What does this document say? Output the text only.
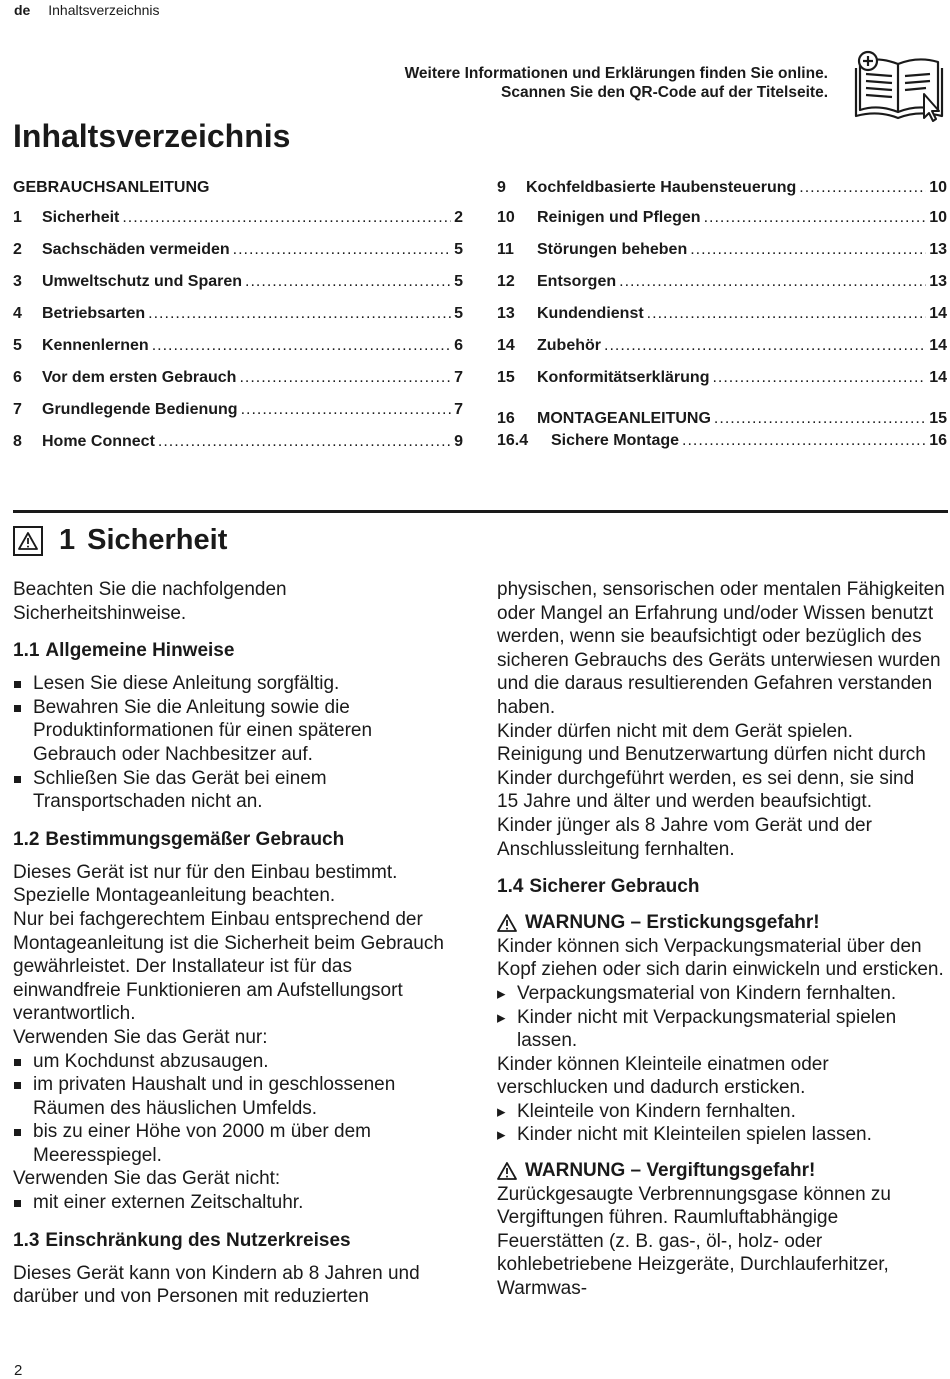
de Inhaltsverzeichnis
Weitere Informationen und Erklärungen finden Sie online.
Scannen Sie den QR-Code auf der Titelseite.
Inhaltsverzeichnis
GEBRAUCHSANLEITUNG
1	Sicherheit .....	2
2	Sachschäden vermeiden .....	5
3	Umweltschutz und Sparen .....	5
4	Betriebsarten .....	5
5	Kennenlernen .....	6
6	Vor dem ersten Gebrauch .....	7
7	Grundlegende Bedienung .....	7
8	Home Connect .....	9
9	Kochfeldbasierte Haubensteuerung .....	10
10	Reinigen und Pflegen .....	10
11	Störungen beheben .....	13
12	Entsorgen .....	13
13	Kundendienst .....	14
14	Zubehör .....	14
15	Konformitätserklärung .....	14
16	MONTAGEANLEITUNG .....	15
16.4	Sichere Montage .....	16
1 Sicherheit

Beachten Sie die nachfolgenden Sicherheitshinweise.

1.1 Allgemeine Hinweise
Lesen Sie diese Anleitung sorgfältig.
Bewahren Sie die Anleitung sowie die Produktinformationen für einen späteren Gebrauch oder Nachbesitzer auf.
Schließen Sie das Gerät bei einem Transportschaden nicht an.
1.2 Bestimmungsgemäßer Gebrauch

Dieses Gerät ist nur für den Einbau bestimmt. Spezielle Montageanleitung beachten.

Nur bei fachgerechtem Einbau entsprechend der Montageanleitung ist die Sicherheit beim Gebrauch gewährleistet. Der Installateur ist für das einwandfreie Funktionieren am Aufstellungsort verantwortlich.

Verwenden Sie das Gerät nur:

um Kochdunst abzusaugen.
im privaten Haushalt und in geschlossenen Räumen des häuslichen Umfelds.
bis zu einer Höhe von 2000 m über dem Meeresspiegel.

Verwenden Sie das Gerät nicht:

mit einer externen Zeitschaltuhr.
1.3 Einschränkung des Nutzerkreises

Dieses Gerät kann von Kindern ab 8 Jahren und darüber und von Personen mit reduzierten

physischen, sensorischen oder mentalen Fähigkeiten oder Mangel an Erfahrung und/oder Wissen benutzt werden, wenn sie beaufsichtigt oder bezüglich des sicheren Gebrauchs des Geräts unterwiesen wurden und die daraus resultierenden Gefahren verstanden haben.

Kinder dürfen nicht mit dem Gerät spielen.

Reinigung und Benutzerwartung dürfen nicht durch Kinder durchgeführt werden, es sei denn, sie sind 15 Jahre und älter und werden beaufsichtigt.

Kinder jünger als 8 Jahre vom Gerät und der Anschlussleitung fernhalten.

1.4 Sicherer Gebrauch
WARNUNG – Erstickungsgefahr!

Kinder können sich Verpackungsmaterial über den Kopf ziehen oder sich darin einwickeln und ersticken.

▸ Verpackungsmaterial von Kindern fernhalten.
▸ Kinder nicht mit Verpackungsmaterial spielen lassen.

Kinder können Kleinteile einatmen oder verschlucken und dadurch ersticken.

▸ Kleinteile von Kindern fernhalten.
▸ Kinder nicht mit Kleinteilen spielen lassen.
WARNUNG – Vergiftungsgefahr!

Zurückgesaugte Verbrennungsgase können zu Vergiftungen führen. Raumluftabhängige Feuerstätten (z. B. gas-, öl-, holz- oder kohlebetriebene Heizgeräte, Durchlauferhitzer, Warmwas-

2
